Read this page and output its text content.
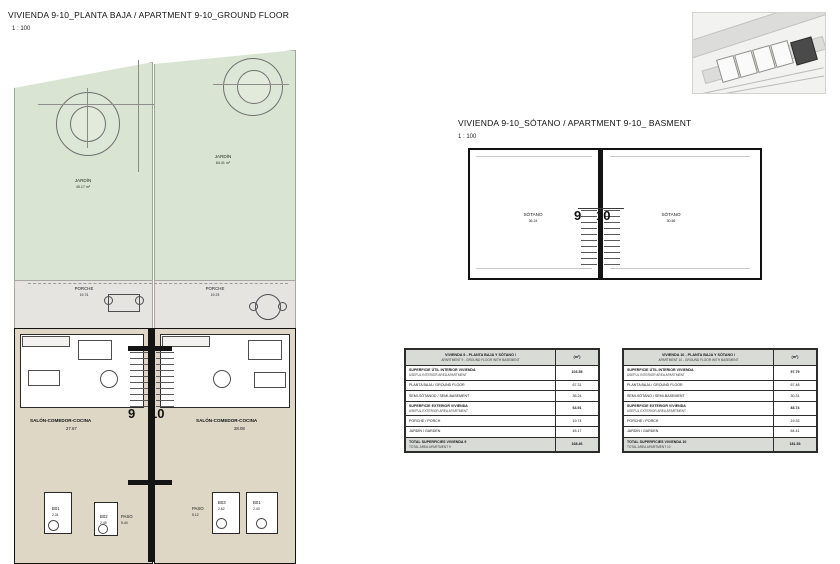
VIVIENDA 9-10_PLANTA BAJA / APARTMENT 9-10_GROUND FLOOR
1 : 100
JARDÍN
45.17 m²
JARDÍN
84.41 m²
PORCHE
19.74
PORCHE
19.23
SALÓN-COMEDOR-COCINA
27.67
B01
2.31	B02
2.49
PASO
5.44
SALÓN-COMEDOR-COCINA
28.08
PASO
5.12
B03
2.62
B01
2.43
9 10
VIVIENDA 9-10_SÓTANO / APARTMENT 9-10_ BASMENT
1 : 100
SÓTANO
36.24
SÓTANO
30.56
9 10
VIVIENDA 9 - PLANTA BAJA Y SÓTANO /
APARTMENT 9 - GROUND FLOOR WITH BASEMENT	(m²)
SUPERFICIE ÚTIL INTERIOR VIVIENDA
USEFUL INTERIOR AREA APARTMENT	103.55
PLANTA BAJA / GROUND FLOOR	67.31
SEMI-SÓTANOD / SEMI-BASEMENT	36.24
SUPERFICIE EXTERIOR VIVIENDA
USEFUL EXTERIOR AREA APARTMENT	64.91
PORCHE / PORCH	19.74
JARDÍN / GARDEN	45.17
TOTAL SUPERFICIES VIVIENDA 9
TOTAL AREA APARTMENT 9	168.46
VIVIENDA 10 - PLANTA BAJA Y SÓTANO /
APARTMENT 10 - GROUND FLOOR WITH BASEMENT	(m²)
SUPERFICIE ÚTIL INTERIOR VIVIENDA
USEFUL INTERIOR AREA APARTMENT	97.79
PLANTA BAJA / GROUND FLOOR	67.48
SEMI-SÓTANO / SEMI-BASEMENT	30.31
SUPERFICIE EXTERIOR VIVIENDA
USEFUL EXTERIOR AREA APARTMENT	83.74
PORCHE / PORCH	19.33
JARDÍN / GARDEN	64.41
TOTAL SUPERFICIES VIVIENDA 10
TOTAL AREA APARTMENT 10	181.53
